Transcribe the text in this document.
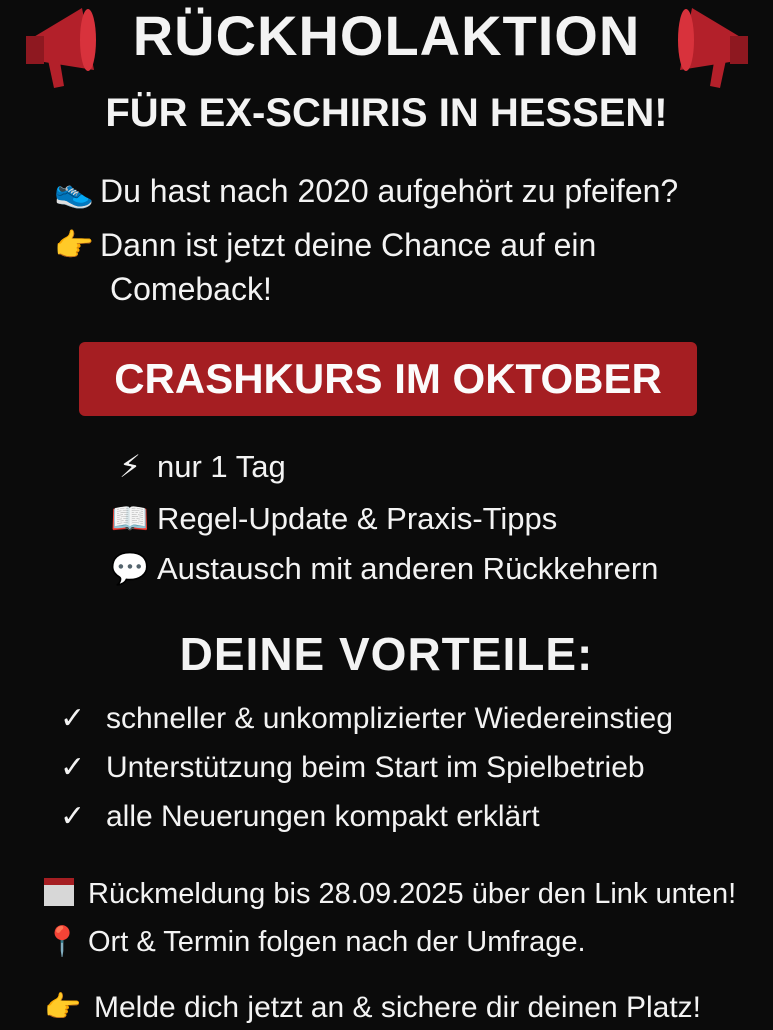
RÜCKHOLAKTION
FÜR EX-SCHIRIS IN HESSEN!
👟 Du hast nach 2020 aufgehört zu pfeifen?
👉 Dann ist jetzt deine Chance auf ein
Comeback!
CRASHKURS IM OKTOBER
⚡ nur 1 Tag
📖 Regel-Update & Praxis-Tipps
💬 Austausch mit anderen Rückkehrern
DEINE VORTEILE:
✓ schneller & unkomplizierter Wiedereinstieg
✓ Unterstützung beim Start im Spielbetrieb
✓ alle Neuerungen kompakt erklärt
Rückmeldung bis 28.09.2025 über den Link unten!
📍 Ort & Termin folgen nach der Umfrage.
👉 Melde dich jetzt an & sichere dir deinen Platz!
